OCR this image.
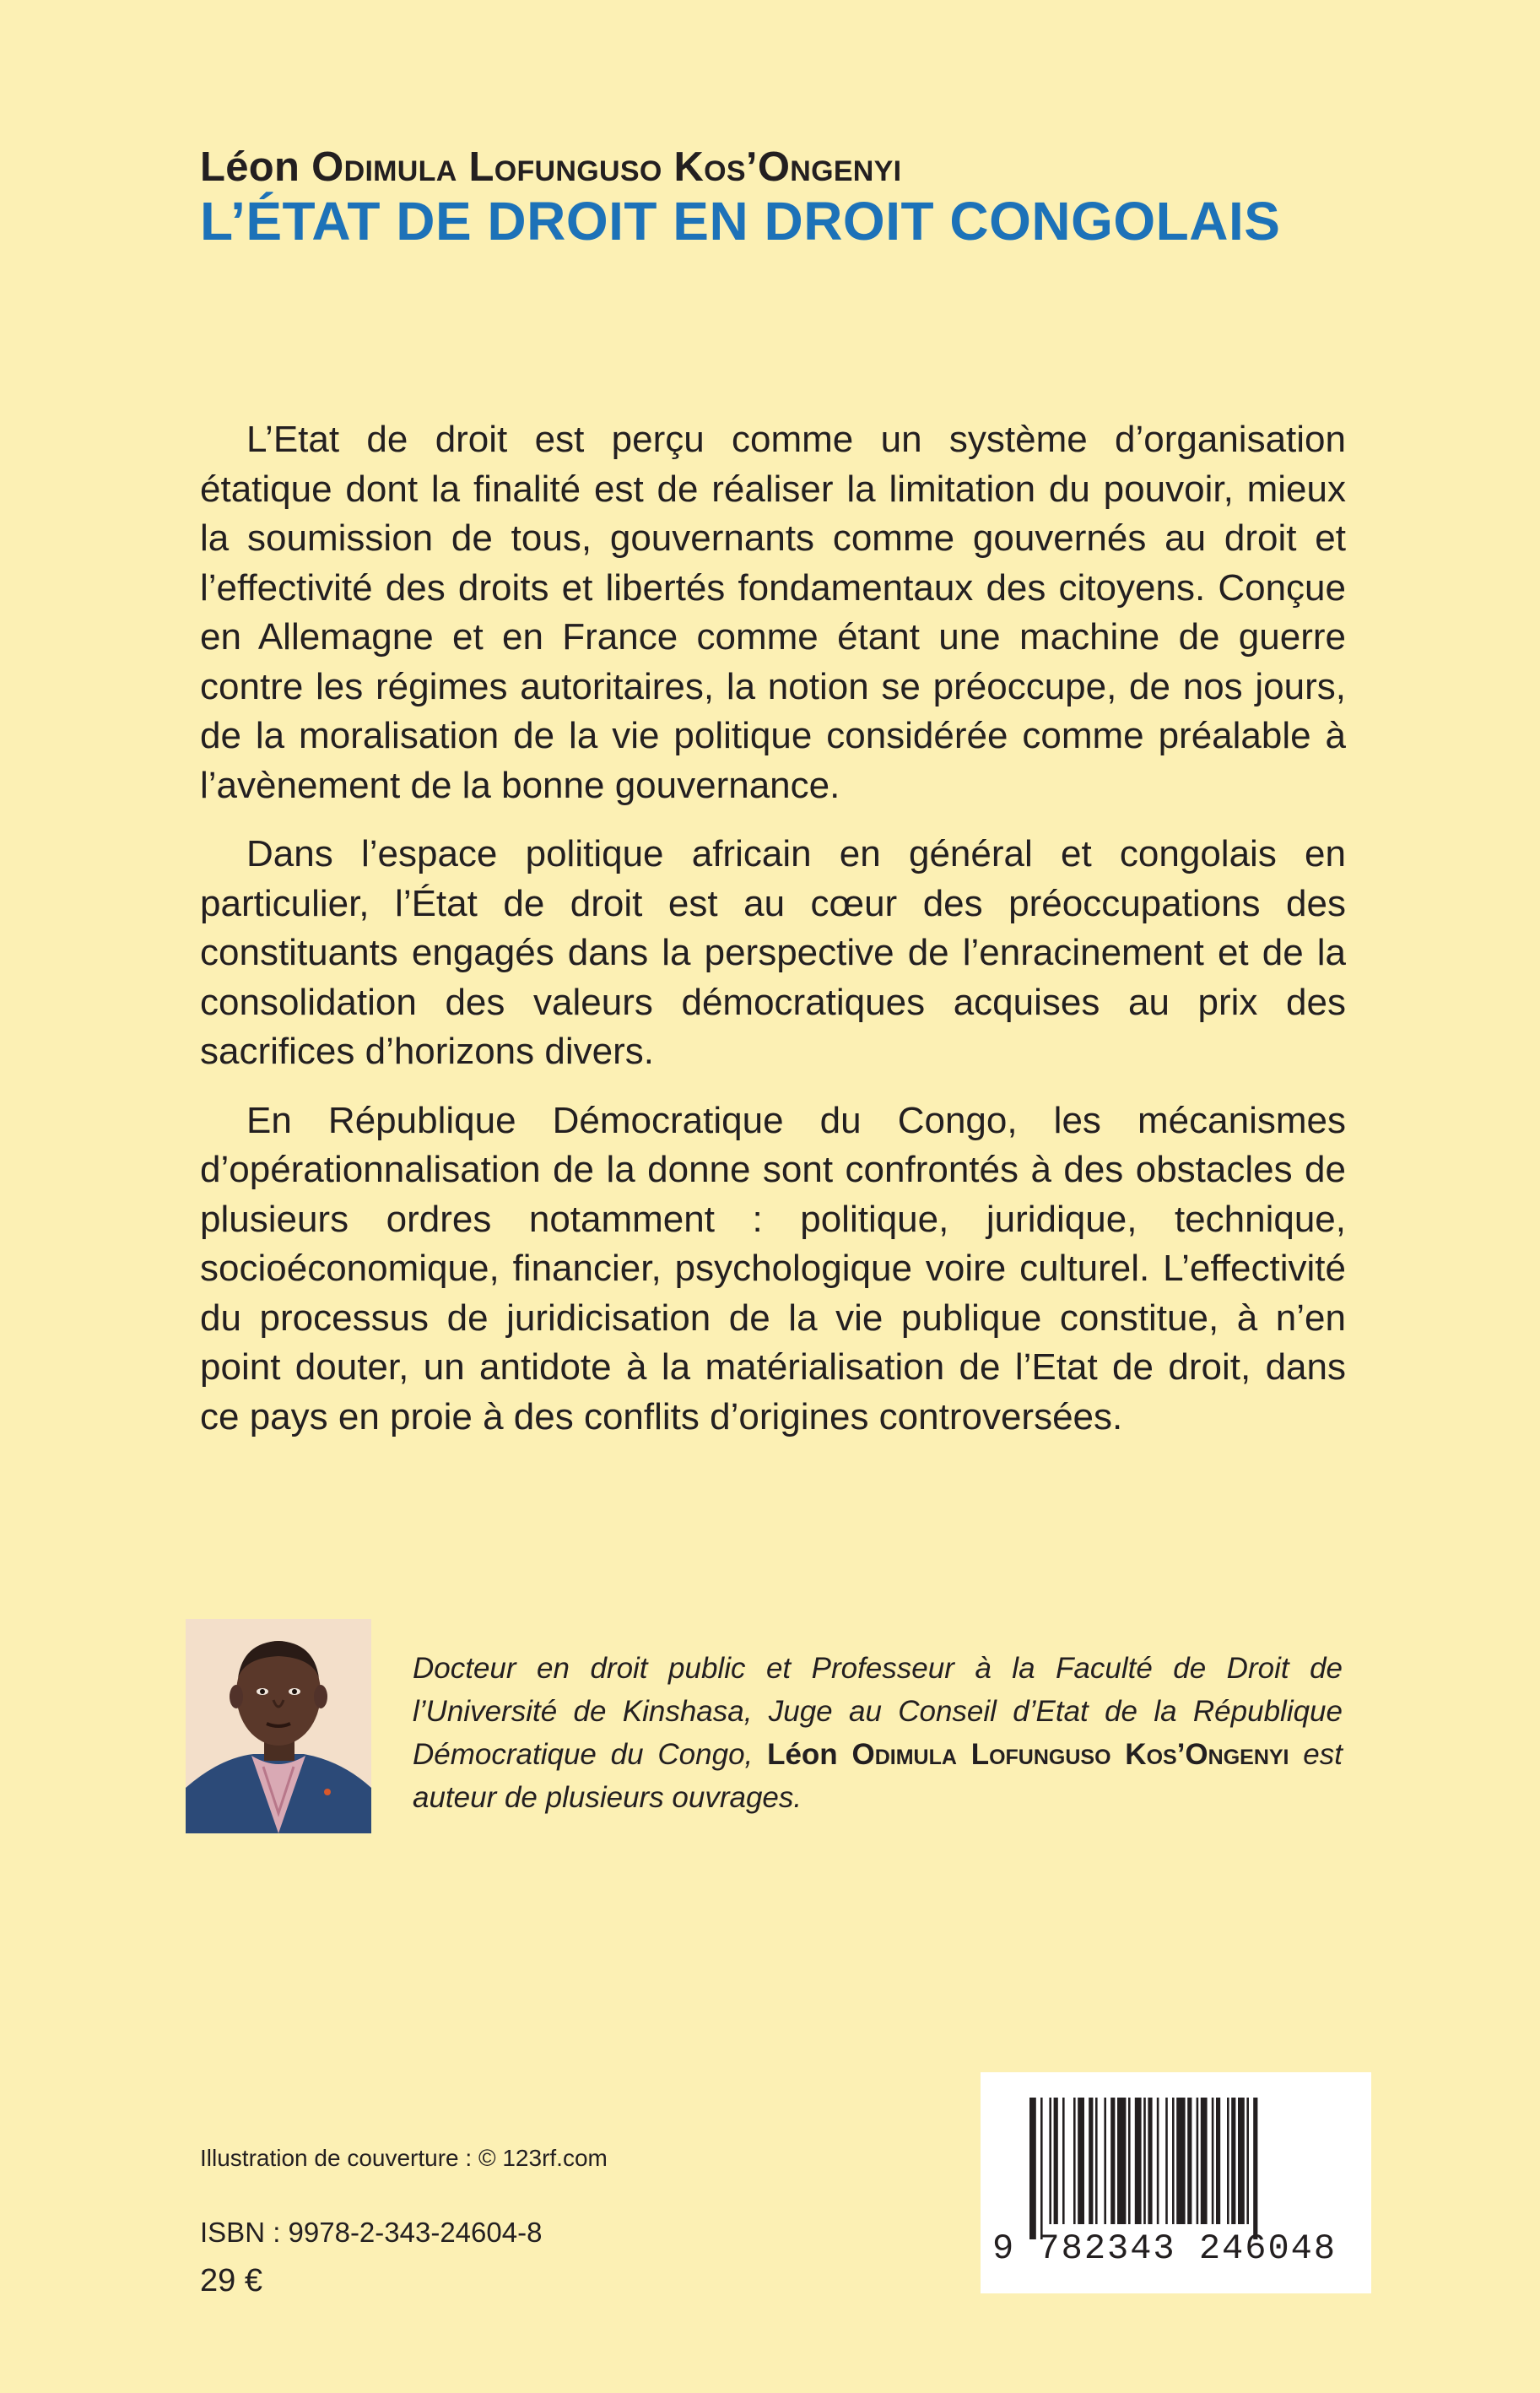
Léon Odimula Lofunguso Kos’Ongenyi
L’ÉTAT DE DROIT EN DROIT CONGOLAIS

L’Etat de droit est perçu comme un système d’organisation étatique dont la finalité est de réaliser la limitation du pouvoir, mieux la soumission de tous, gouvernants comme gouvernés au droit et l’effectivité des droits et libertés fondamentaux des citoyens. Conçue en Allemagne et en France comme étant une machine de guerre contre les régimes autoritaires, la notion se préoccupe, de nos jours, de la moralisation de la vie politique considérée comme préalable à l’avènement de la bonne gouvernance.

Dans l’espace politique africain en général et congolais en particulier, l’État de droit est au cœur des préoccupations des constituants engagés dans la perspective de l’enracinement et de la consolidation des valeurs démocratiques acquises au prix des sacrifices d’horizons divers.

En République Démocratique du Congo, les mécanismes d’opérationnalisation de la donne sont confrontés à des obstacles de plusieurs ordres notamment : politique, juridique, technique, socioéconomique, financier, psychologique voire culturel. L’effectivité du processus de juridicisation de la vie publique constitue, à n’en point douter, un antidote à la matérialisation de l’Etat de droit, dans ce pays en proie à des conflits d’origines controversées.

Docteur en droit public et Professeur à la Faculté de Droit de l’Université de Kinshasa, Juge au Conseil d’Etat de la République Démocratique du Congo, Léon Odimula Lofunguso Kos’Ongenyi est auteur de plusieurs ouvrages.

Illustration de couverture : © 123rf.com

ISBN : 9978-2-343-24604-8

29 €

9 782343 246048
